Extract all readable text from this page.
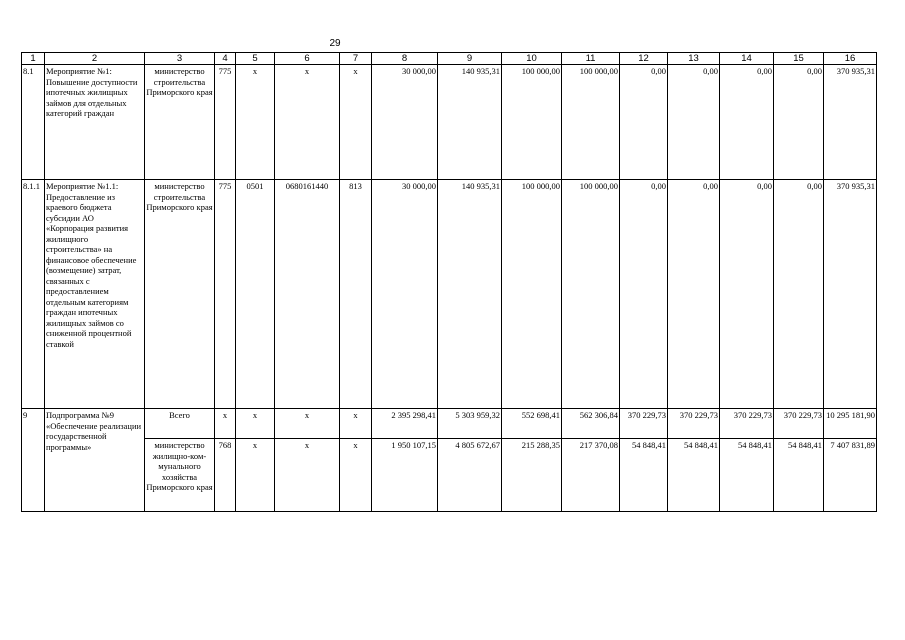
29
1	2	3	4	5	6	7	8	9	10	11	12	13	14	15	16
8.1	Мероприятие №1: Повышение доступности ипотечных жилищных займов для отдельных категорий граждан	министерство строительства Приморского края	775	х	х	х	30 000,00	140 935,31	100 000,00	100 000,00	0,00	0,00	0,00	0,00	370 935,31
8.1.1	Мероприятие №1.1: Предоставление из краевого бюджета субсидии АО «Корпорация развития жилищного строительства» на финансовое обеспечение (возмещение) затрат, связанных с предоставлением отдельным категориям граждан ипотечных жилищных займов со сниженной процентной ставкой	министерство строительства Приморского края	775	0501	0680161440	813	30 000,00	140 935,31	100 000,00	100 000,00	0,00	0,00	0,00	0,00	370 935,31
9	Подпрограмма №9 «Обеспечение реализации государственной программы»	Всего	х	х	х	х	2 395 298,41	5 303 959,32	552 698,41	562 306,84	370 229,73	370 229,73	370 229,73	370 229,73	10 295 181,90
		министерство жилищно-ком-мунального хозяйства Приморского края	768	х	х	х	1 950 107,15	4 805 672,67	215 288,35	217 370,08	54 848,41	54 848,41	54 848,41	54 848,41	7 407 831,89
